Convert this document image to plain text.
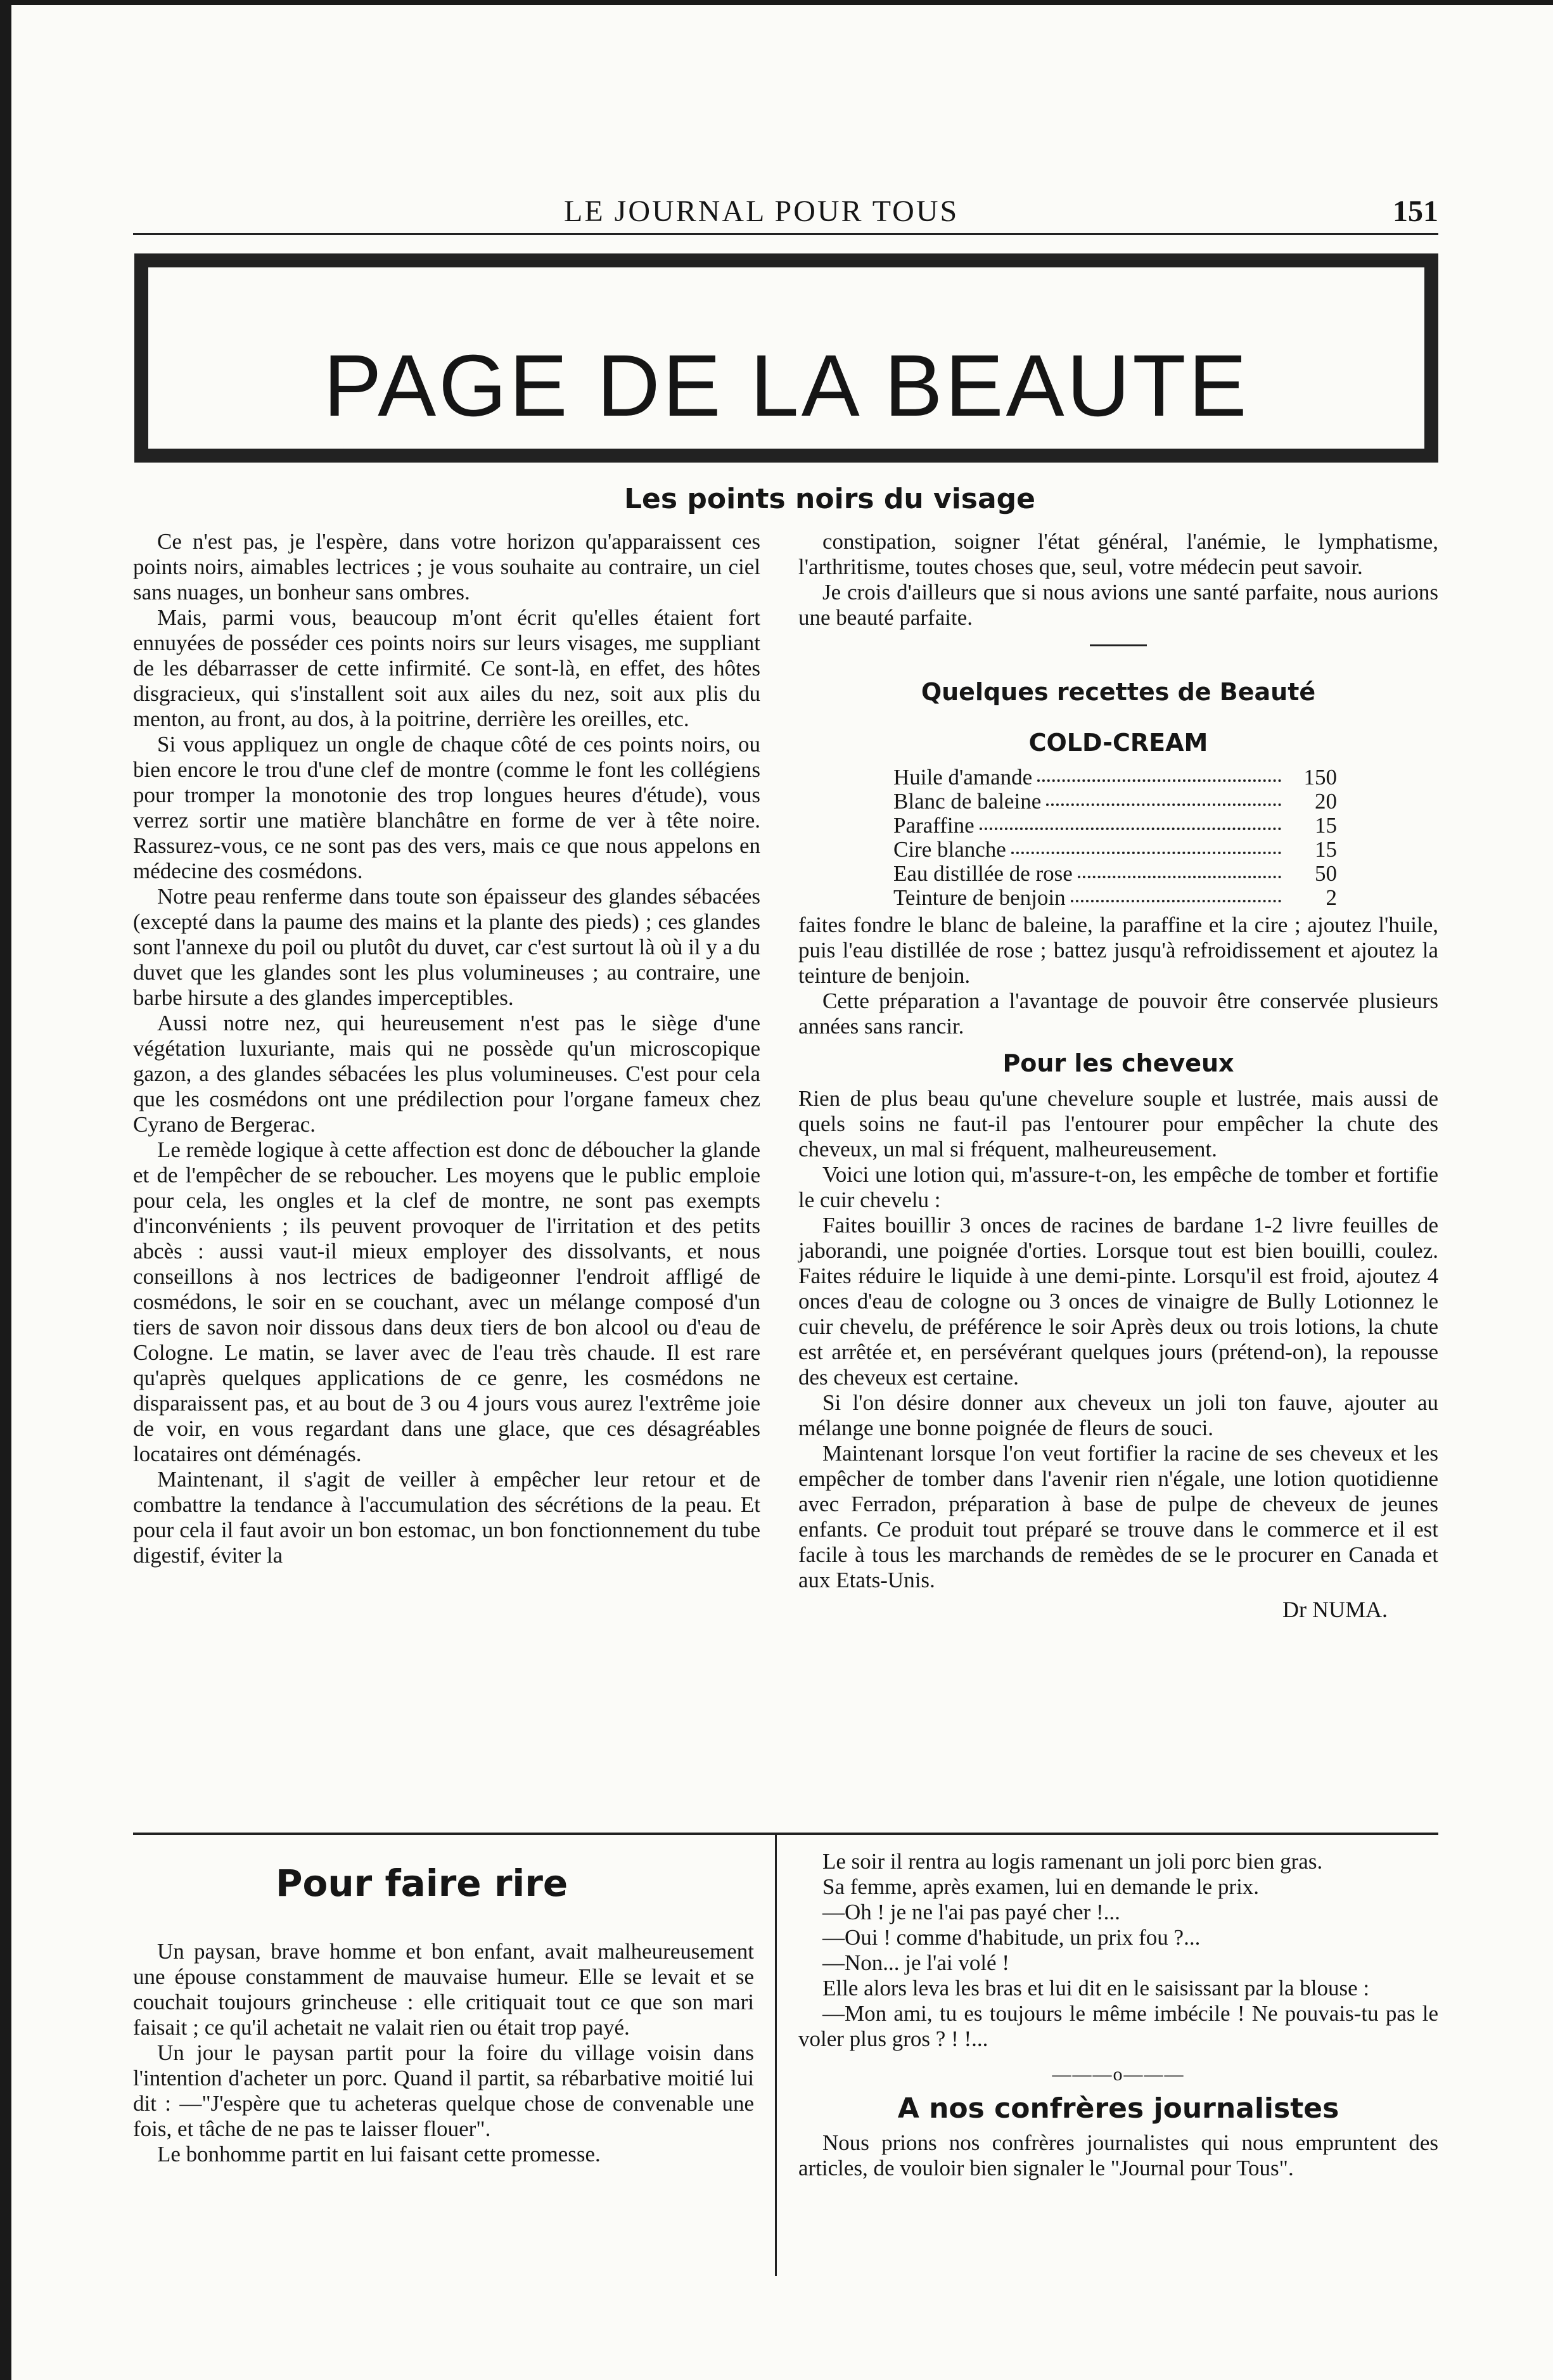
LE JOURNAL POUR TOUS	151
PAGE DE LA BEAUTE
Les points noirs du visage

Ce n'est pas, je l'espère, dans votre horizon qu'apparaissent ces points noirs, aimables lectrices ; je vous souhaite au contraire, un ciel sans nuages, un bonheur sans ombres.

Mais, parmi vous, beaucoup m'ont écrit qu'elles étaient fort ennuyées de posséder ces points noirs sur leurs visages, me suppliant de les débarrasser de cette infirmité. Ce sont-là, en effet, des hôtes disgracieux, qui s'installent soit aux ailes du nez, soit aux plis du menton, au front, au dos, à la poitrine, derrière les oreilles, etc.

Si vous appliquez un ongle de chaque côté de ces points noirs, ou bien encore le trou d'une clef de montre (comme le font les collégiens pour tromper la monotonie des trop longues heures d'étude), vous verrez sortir une matière blanchâtre en forme de ver à tête noire. Rassurez-vous, ce ne sont pas des vers, mais ce que nous appelons en médecine des cosmédons.

Notre peau renferme dans toute son épaisseur des glandes sébacées (excepté dans la paume des mains et la plante des pieds) ; ces glandes sont l'annexe du poil ou plutôt du duvet, car c'est surtout là où il y a du duvet que les glandes sont les plus volumineuses ; au contraire, une barbe hirsute a des glandes imperceptibles.

Aussi notre nez, qui heureusement n'est pas le siège d'une végétation luxuriante, mais qui ne possède qu'un microscopique gazon, a des glandes sébacées les plus volumineuses. C'est pour cela que les cosmédons ont une prédilection pour l'organe fameux chez Cyrano de Bergerac.

Le remède logique à cette affection est donc de déboucher la glande et de l'empêcher de se reboucher. Les moyens que le public emploie pour cela, les ongles et la clef de montre, ne sont pas exempts d'inconvénients ; ils peuvent provoquer de l'irritation et des petits abcès : aussi vaut-il mieux employer des dissolvants, et nous conseillons à nos lectrices de badigeonner l'endroit affligé de cosmédons, le soir en se couchant, avec un mélange composé d'un tiers de savon noir dissous dans deux tiers de bon alcool ou d'eau de Cologne. Le matin, se laver avec de l'eau très chaude. Il est rare qu'après quelques applications de ce genre, les cosmédons ne disparaissent pas, et au bout de 3 ou 4 jours vous aurez l'extrême joie de voir, en vous regardant dans une glace, que ces désagréables locataires ont déménagés.

Maintenant, il s'agit de veiller à empêcher leur retour et de combattre la tendance à l'accumulation des sécrétions de la peau. Et pour cela il faut avoir un bon estomac, un bon fonctionnement du tube digestif, éviter la

constipation, soigner l'état général, l'anémie, le lymphatisme, l'arthritisme, toutes choses que, seul, votre médecin peut savoir.

Je crois d'ailleurs que si nous avions une santé parfaite, nous aurions une beauté parfaite.

Quelques recettes de Beauté
COLD-CREAM
Huile d'amande	150
Blanc de baleine	20
Paraffine	15
Cire blanche	15
Eau distillée de rose	50
Teinture de benjoin	2

faites fondre le blanc de baleine, la paraffine et la cire ; ajoutez l'huile, puis l'eau distillée de rose ; battez jusqu'à refroidissement et ajoutez la teinture de benjoin.

Cette préparation a l'avantage de pouvoir être conservée plusieurs années sans rancir.

Pour les cheveux

Rien de plus beau qu'une chevelure souple et lustrée, mais aussi de quels soins ne faut-il pas l'entourer pour empêcher la chute des cheveux, un mal si fréquent, malheureusement.

Voici une lotion qui, m'assure-t-on, les empêche de tomber et fortifie le cuir chevelu :

Faites bouillir 3 onces de racines de bardane 1-2 livre feuilles de jaborandi, une poignée d'orties. Lorsque tout est bien bouilli, coulez. Faites réduire le liquide à une demi-pinte. Lorsqu'il est froid, ajoutez 4 onces d'eau de cologne ou 3 onces de vinaigre de Bully Lotionnez le cuir chevelu, de préférence le soir Après deux ou trois lotions, la chute est arrêtée et, en persévérant quelques jours (prétend-on), la repousse des cheveux est certaine.

Si l'on désire donner aux cheveux un joli ton fauve, ajouter au mélange une bonne poignée de fleurs de souci.

Maintenant lorsque l'on veut fortifier la racine de ses cheveux et les empêcher de tomber dans l'avenir rien n'égale, une lotion quotidienne avec Ferradon, préparation à base de pulpe de cheveux de jeunes enfants. Ce produit tout préparé se trouve dans le commerce et il est facile à tous les marchands de remèdes de se le procurer en Canada et aux Etats-Unis.

Dr NUMA.
Pour faire rire

Un paysan, brave homme et bon enfant, avait malheureusement une épouse constamment de mauvaise humeur. Elle se levait et se couchait toujours grincheuse : elle critiquait tout ce que son mari faisait ; ce qu'il achetait ne valait rien ou était trop payé.

Un jour le paysan partit pour la foire du village voisin dans l'intention d'acheter un porc. Quand il partit, sa rébarbative moitié lui dit : —"J'espère que tu acheteras quelque chose de convenable une fois, et tâche de ne pas te laisser flouer".

Le bonhomme partit en lui faisant cette promesse.

Le soir il rentra au logis ramenant un joli porc bien gras.

Sa femme, après examen, lui en demande le prix.

—Oh ! je ne l'ai pas payé cher !...

—Oui ! comme d'habitude, un prix fou ?...

—Non... je l'ai volé !

Elle alors leva les bras et lui dit en le saisissant par la blouse :

—Mon ami, tu es toujours le même imbécile ! Ne pouvais-tu pas le voler plus gros ? ! !...

———o———
A nos confrères journalistes

Nous prions nos confrères journalistes qui nous empruntent des articles, de vouloir bien signaler le "Journal pour Tous".
